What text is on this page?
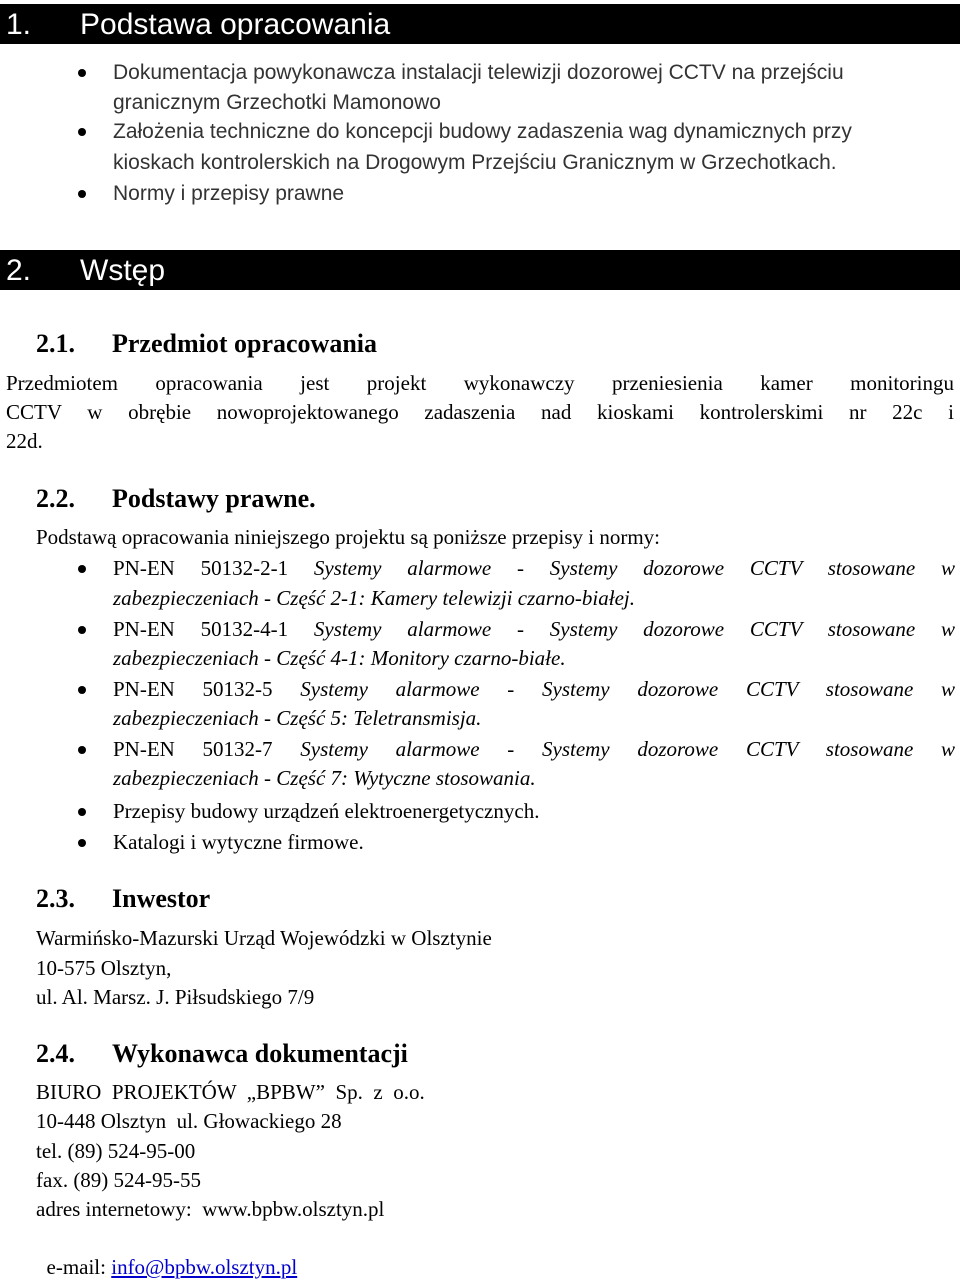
1. Podstawa opracowania
Dokumentacja powykonawcza instalacji telewizji dozorowej CCTV na przejściu
granicznym Grzechotki Mamonowo
Założenia techniczne do koncepcji budowy zadaszenia wag dynamicznych przy
kioskach kontrolerskich na Drogowym Przejściu Granicznym w Grzechotkach.
Normy i przepisy prawne
2. Wstęp
2.1. Przedmiot opracowania
Przedmiotem opracowania jest projekt wykonawczy przeniesienia kamer monitoringu
CCTV w obrębie nowoprojektowanego zadaszenia nad kioskami kontrolerskimi nr 22c i
22d.
2.2. Podstawy prawne.
Podstawą opracowania niniejszego projektu są poniższe przepisy i normy:
PN-EN 50132-2-1 Systemy alarmowe - Systemy dozorowe CCTV stosowane w
zabezpieczeniach - Część 2-1: Kamery telewizji czarno-białej.
PN-EN 50132-4-1 Systemy alarmowe - Systemy dozorowe CCTV stosowane w
zabezpieczeniach - Część 4-1: Monitory czarno-białe.
PN-EN 50132-5 Systemy alarmowe - Systemy dozorowe CCTV stosowane w
zabezpieczeniach - Część 5: Teletransmisja.
PN-EN 50132-7 Systemy alarmowe - Systemy dozorowe CCTV stosowane w
zabezpieczeniach - Część 7: Wytyczne stosowania.
Przepisy budowy urządzeń elektroenergetycznych.
Katalogi i wytyczne firmowe.
2.3. Inwestor
Warmińsko-Mazurski Urząd Wojewódzki w Olsztynie
10-575 Olsztyn,
ul. Al. Marsz. J. Piłsudskiego 7/9
2.4. Wykonawca dokumentacji
BIURO  PROJEKTÓW  „BPBW”  Sp.  z  o.o.
10-448 Olsztyn  ul. Głowackiego 28
tel. (89) 524-95-00
fax. (89) 524-95-55
adres internetowy:  www.bpbw.olsztyn.pl

e-mail: info@bpbw.olsztyn.pl
